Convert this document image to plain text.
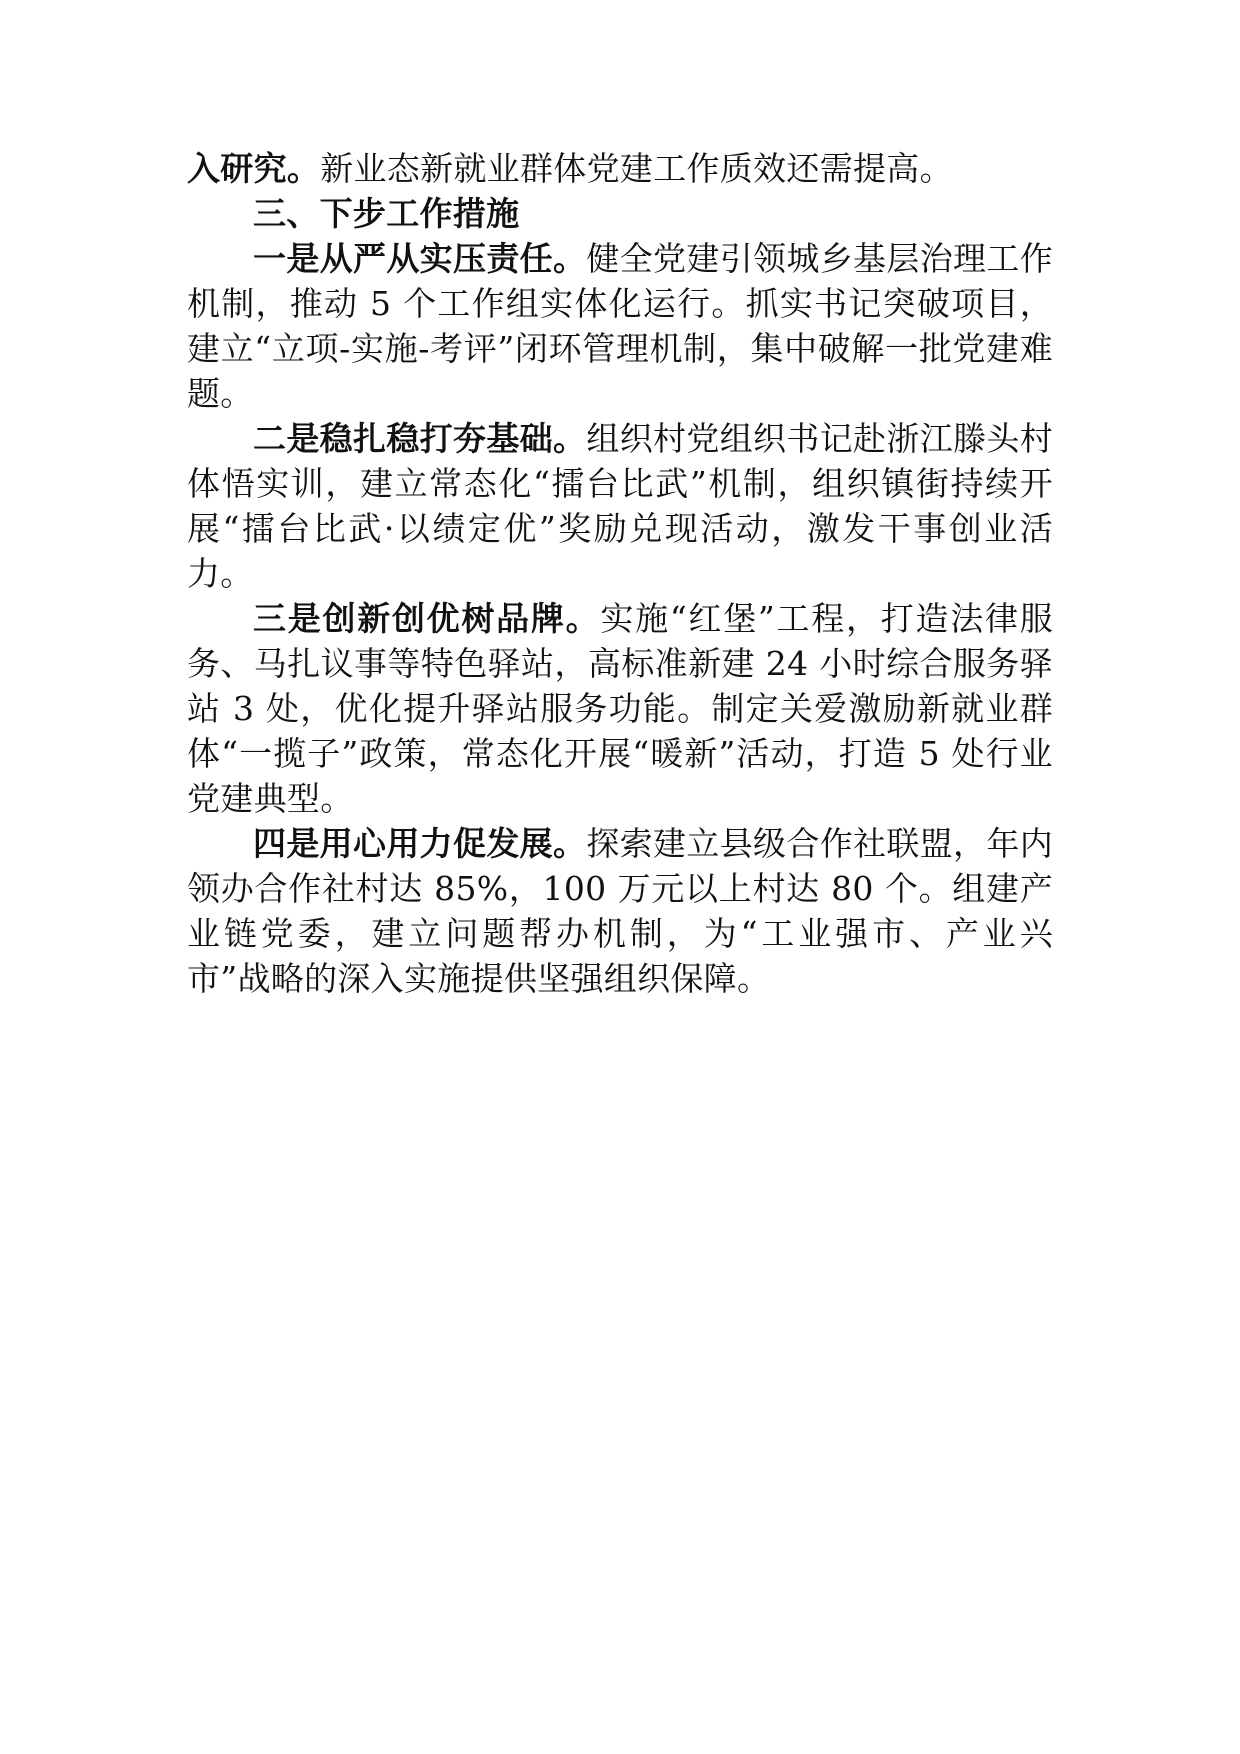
入研究。新业态新就业群体党建工作质效还需提高。

三、下步工作措施

一是从严从实压责任。健全党建引领城乡基层治理工作机制，推动 5 个工作组实体化运行。抓实书记突破项目，建立“立项-实施-考评”闭环管理机制，集中破解一批党建难题。

二是稳扎稳打夯基础。组织村党组织书记赴浙江滕头村体悟实训，建立常态化“擂台比武”机制，组织镇街持续开展“擂台比武·以绩定优”奖励兑现活动，激发干事创业活力。

三是创新创优树品牌。实施“红堡”工程，打造法律服务、马扎议事等特色驿站，高标准新建 24 小时综合服务驿站 3 处，优化提升驿站服务功能。制定关爱激励新就业群体“一揽子”政策，常态化开展“暖新”活动，打造 5 处行业党建典型。

四是用心用力促发展。探索建立县级合作社联盟，年内领办合作社村达 85%，100 万元以上村达 80 个。组建产业链党委，建立问题帮办机制，为“工业强市、产业兴市”战略的深入实施提供坚强组织保障。
